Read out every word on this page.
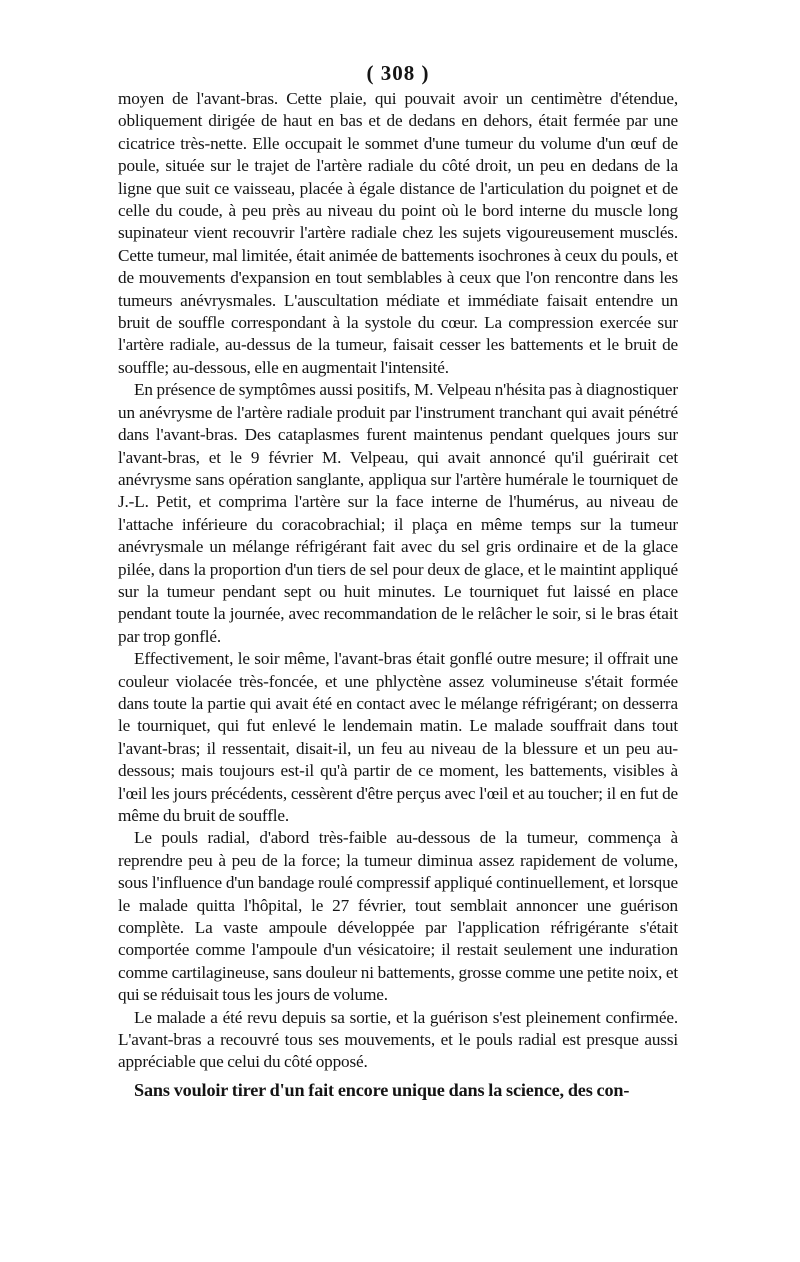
( 308 )

moyen de l'avant-bras. Cette plaie, qui pouvait avoir un centimètre d'étendue, obliquement dirigée de haut en bas et de dedans en dehors, était fermée par une cicatrice très-nette. Elle occupait le sommet d'une tumeur du volume d'un œuf de poule, située sur le trajet de l'artère radiale du côté droit, un peu en dedans de la ligne que suit ce vaisseau, placée à égale distance de l'articulation du poignet et de celle du coude, à peu près au niveau du point où le bord interne du muscle long supinateur vient recouvrir l'artère radiale chez les sujets vigoureusement musclés. Cette tumeur, mal limitée, était animée de battements isochrones à ceux du pouls, et de mouvements d'expansion en tout semblables à ceux que l'on rencontre dans les tumeurs anévrysmales. L'auscultation médiate et immédiate faisait entendre un bruit de souffle correspondant à la systole du cœur. La compression exercée sur l'artère radiale, au-dessus de la tumeur, faisait cesser les battements et le bruit de souffle; au-dessous, elle en augmentait l'intensité.

En présence de symptômes aussi positifs, M. Velpeau n'hésita pas à diagnostiquer un anévrysme de l'artère radiale produit par l'instrument tranchant qui avait pénétré dans l'avant-bras. Des cataplasmes furent maintenus pendant quelques jours sur l'avant-bras, et le 9 février M. Velpeau, qui avait annoncé qu'il guérirait cet anévrysme sans opération sanglante, appliqua sur l'artère humérale le tourniquet de J.-L. Petit, et comprima l'artère sur la face interne de l'humérus, au niveau de l'attache inférieure du coracobrachial; il plaça en même temps sur la tumeur anévrysmale un mélange réfrigérant fait avec du sel gris ordinaire et de la glace pilée, dans la proportion d'un tiers de sel pour deux de glace, et le maintint appliqué sur la tumeur pendant sept ou huit minutes. Le tourniquet fut laissé en place pendant toute la journée, avec recommandation de le relâcher le soir, si le bras était par trop gonflé.

Effectivement, le soir même, l'avant-bras était gonflé outre mesure; il offrait une couleur violacée très-foncée, et une phlyctène assez volumineuse s'était formée dans toute la partie qui avait été en contact avec le mélange réfrigérant; on desserra le tourniquet, qui fut enlevé le lendemain matin. Le malade souffrait dans tout l'avant-bras; il ressentait, disait-il, un feu au niveau de la blessure et un peu au-dessous; mais toujours est-il qu'à partir de ce moment, les battements, visibles à l'œil les jours précédents, cessèrent d'être perçus avec l'œil et au toucher; il en fut de même du bruit de souffle.

Le pouls radial, d'abord très-faible au-dessous de la tumeur, commença à reprendre peu à peu de la force; la tumeur diminua assez rapidement de volume, sous l'influence d'un bandage roulé compressif appliqué continuellement, et lorsque le malade quitta l'hôpital, le 27 février, tout semblait annoncer une guérison complète. La vaste ampoule développée par l'application réfrigérante s'était comportée comme l'ampoule d'un vésicatoire; il restait seulement une induration comme cartilagineuse, sans douleur ni battements, grosse comme une petite noix, et qui se réduisait tous les jours de volume.

Le malade a été revu depuis sa sortie, et la guérison s'est pleinement confirmée. L'avant-bras a recouvré tous ses mouvements, et le pouls radial est presque aussi appréciable que celui du côté opposé.

Sans vouloir tirer d'un fait encore unique dans la science, des con-
